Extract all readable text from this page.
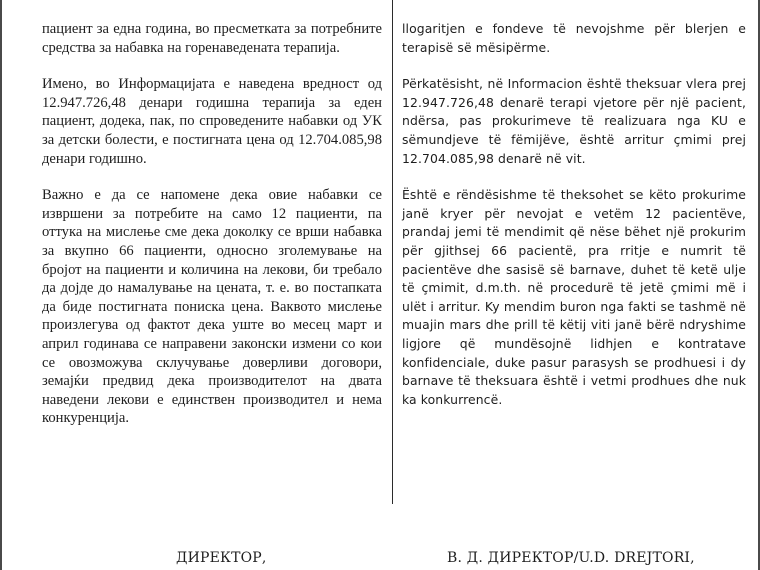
пациент за една година, во пресметката за потребните средства за набавка на горенаведената терапија.

Имено, во Информацијата е наведена вредност од 12.947.726,48 денари годишна терапија за еден пациент, додека, пак, по спроведените набавки од УК за детски болести, е постигната цена од 12.704.085,98 денари годишно.

Важно е да се напомене дека овие набавки се извршени за потребите на само 12 пациенти, па оттука на мислење сме дека доколку се врши набавка за вкупно 66 пациенти, односно зголемување на бројот на пациенти и количина на лекови, би требало да дојде до намалување на цената, т. е. во постапката да биде постигната пониска цена. Ваквото мислење произлегува од фактот дека уште во месец март и април годинава се направени законски измени со кои се овозможува склучување доверливи договори, земајќи предвид дека производителот на двата наведени лекови е единствен производител и нема конкуренција.

llogaritjen e fondeve të nevojshme për blerjen e terapisë së mësipërme.

Përkatësisht, në Informacion është theksuar vlera prej 12.947.726,48 denarë terapi vjetore për një pacient, ndërsa, pas prokurimeve të realizuara nga KU e sëmundjeve të fëmijëve, është arritur çmimi prej 12.704.085,98 denarë në vit.

Është e rëndësishme të theksohet se këto prokurime janë kryer për nevojat e vetëm 12 pacientëve, prandaj jemi të mendimit që nëse bëhet një prokurim për gjithsej 66 pacientë, pra rritje e numrit të pacientëve dhe sasisë së barnave, duhet të ketë ulje të çmimit, d.m.th. në procedurë të jetë çmimi më i ulët i arritur. Ky mendim buron nga fakti se tashmë në muajin mars dhe prill të këtij viti janë bërë ndryshime ligjore që mundësojnë lidhjen e kontratave konfidenciale, duke pasur parasysh se prodhuesi i dy barnave të theksuara është i vetmi prodhues dhe nuk ka konkurrencë.

ДИРЕКТОР,	В. Д. ДИРЕКТОР/U.D. DREJTORI,
